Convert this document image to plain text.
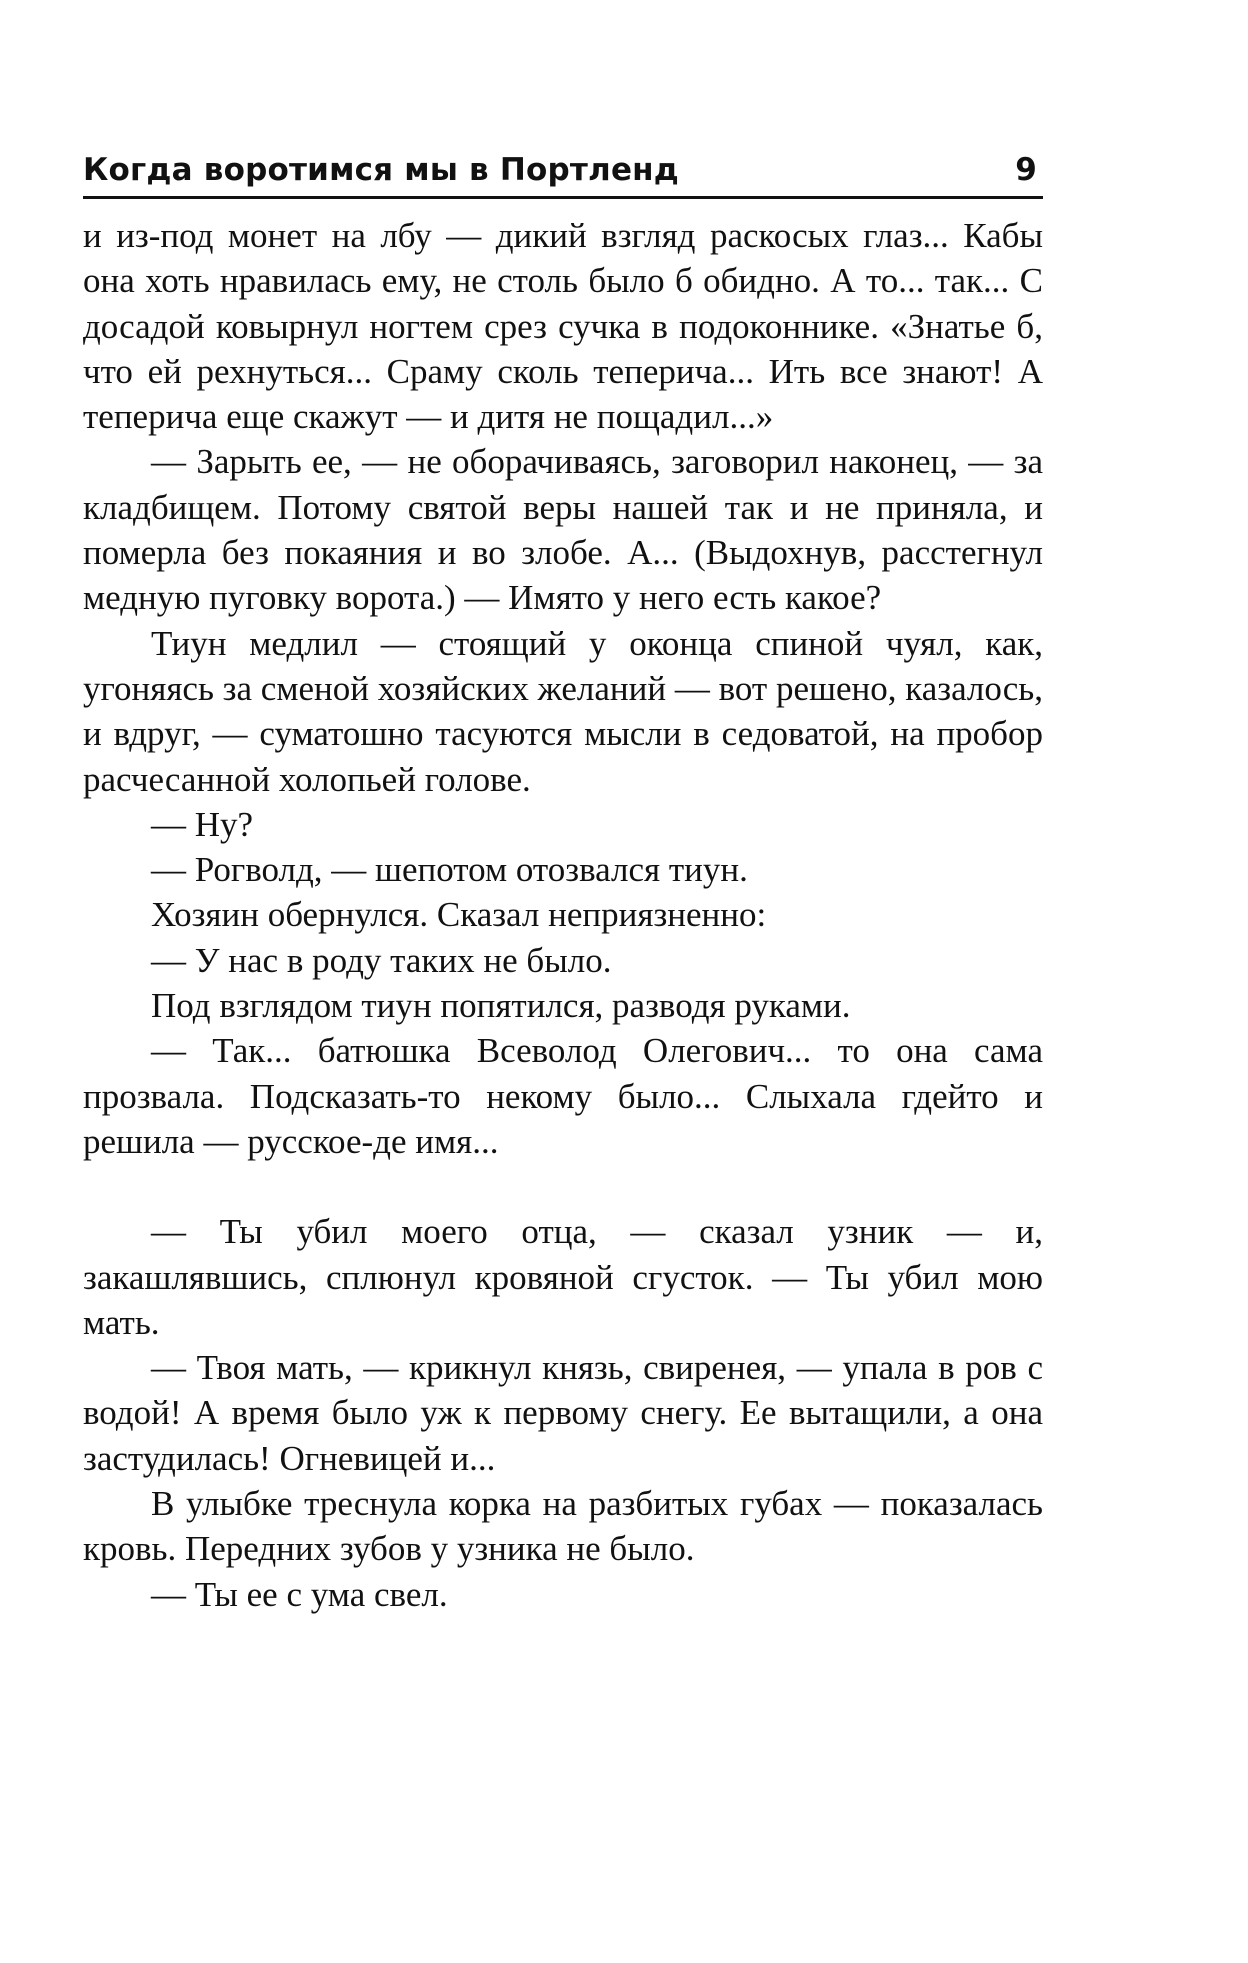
Когда воротимся мы в Портленд	9

и из-под монет на лбу — дикий взгляд раскосых глаз... Кабы она хоть нравилась ему, не столь было б обидно. А то... так... С досадой ковырнул ногтем срез сучка в подоконнике. «Знатье б, что ей рехнуться... Сраму сколь теперича... Ить все знают! А теперича еще скажут — и дитя не пощадил...»

— Зарыть ее, — не оборачиваясь, заговорил наконец, — за кладбищем. Потому святой веры нашей так и не приняла, и померла без покаяния и во злобе. А... (Выдохнув, расстегнул медную пуговку ворота.) — Имято у него есть какое?

Тиун медлил — стоящий у оконца спиной чуял, как, угоняясь за сменой хозяйских желаний — вот решено, казалось, и вдруг, — суматошно тасуются мысли в седоватой, на пробор расчесанной холопьей голове.

— Ну?

— Рогволд, — шепотом отозвался тиун.

Хозяин обернулся. Сказал неприязненно:

— У нас в роду таких не было.

Под взглядом тиун попятился, разводя руками.

— Так... батюшка Всеволод Олегович... то она сама прозвала. Подсказать-то некому было... Слыхала гдейто и решила — русское-де имя...

— Ты убил моего отца, — сказал узник — и, закашлявшись, сплюнул кровяной сгусток. — Ты убил мою мать.

— Твоя мать, — крикнул князь, свиренея, — упала в ров с водой! А время было уж к первому снегу. Ее вытащили, а она застудилась! Огневицей и...

В улыбке треснула корка на разбитых губах — показалась кровь. Передних зубов у узника не было.

— Ты ее с ума свел.
